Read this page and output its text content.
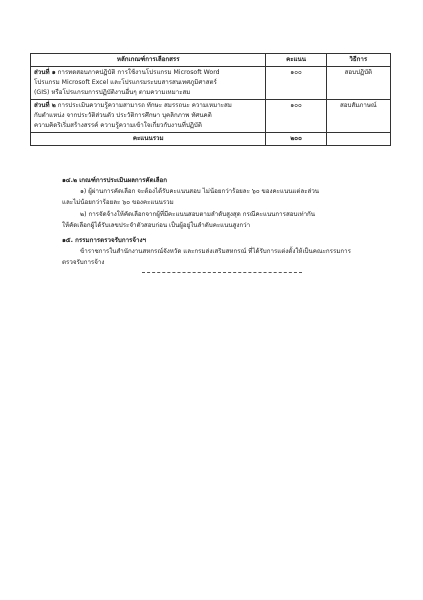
หลักเกณฑ์การเลือกสรร	คะแนน	วิธีการ
ส่วนที่ ๑ การทดสอบภาคปฏิบัติ การใช้งานโปรแกรม Microsoft Word
โปรแกรม Microsoft Excel และโปรแกรมระบบสารสนเทศภูมิศาสตร์
(GIS) หรือโปรแกรมการปฏิบัติงานอื่นๆ ตามความเหมาะสม	๑๐๐	สอบปฏิบัติ
ส่วนที่ ๒ การประเมินความรู้ความสามารถ ทักษะ สมรรถนะ ความเหมาะสม
กับตำแหน่ง จากประวัติส่วนตัว ประวัติการศึกษา บุคลิกภาพ ทัศนคติ
ความคิดริเริ่มสร้างสรรค์ ความรู้ความเข้าใจเกี่ยวกับงานที่ปฏิบัติ	๑๐๐	สอบสัมภาษณ์
คะแนนรวม	๒๐๐	
๑๔.๒ เกณฑ์การประเมินผลการคัดเลือก
๑) ผู้ผ่านการคัดเลือก จะต้องได้รับคะแนนสอบ ไม่น้อยกว่าร้อยละ ๖๐ ของคะแนนแต่ละส่วน
และไม่น้อยกว่าร้อยละ ๖๐ ของคะแนนรวม
๒) การจัดจ้างให้คัดเลือกจากผู้ที่มีคะแนนสอบตามลำดับสูงสุด กรณีคะแนนการสอบเท่ากัน
ให้คัดเลือกผู้ได้รับเลขประจำตัวสอบก่อน เป็นผู้อยู่ในลำดับคะแนนสูงกว่า
๑๕. กรรมการตรวจรับการจ้างฯ
ข้าราชการในสำนักงานสหกรณ์จังหวัด และกรมส่งเสริมสหกรณ์ ที่ได้รับการแต่งตั้งให้เป็นคณะกรรมการ
ตรวจรับการจ้าง
